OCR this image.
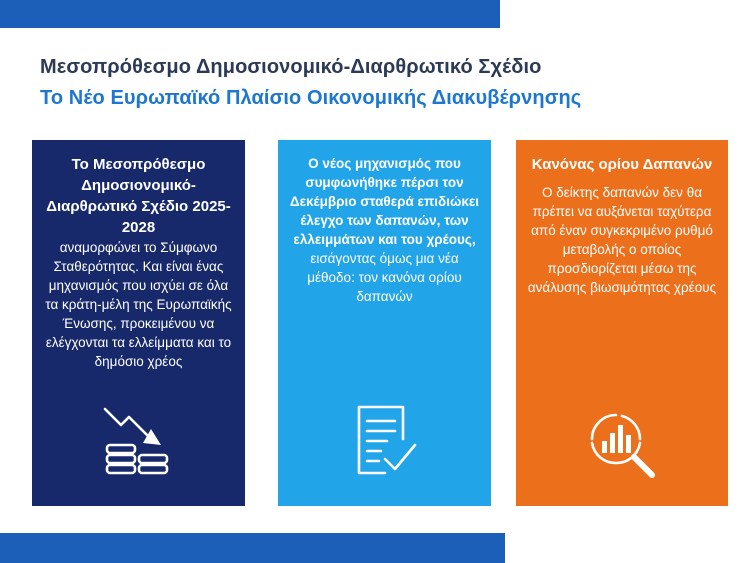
Μεσοπρόθεσμο Δημοσιονομικό-Διαρθρωτικό Σχέδιο
Το Νέο Ευρωπαϊκό Πλαίσιο Οικονομικής Διακυβέρνησης
Το Μεσοπρόθεσμο Δημοσιονομικό-Διαρθρωτικό Σχέδιο 2025-2028
αναμορφώνει το Σύμφωνο Σταθερότητας. Και είναι ένας μηχανισμός που ισχύει σε όλα τα κράτη-μέλη της Ευρωπαϊκής Ένωσης, προκειμένου να ελέγχονται τα ελλείμματα και το δημόσιο χρέος
Ο νέος μηχανισμός που συμφωνήθηκε πέρσι τον Δεκέμβριο σταθερά επιδιώκει έλεγχο των δαπανών, των ελλειμμάτων και του χρέους, εισάγοντας όμως μια νέα μέθοδο: τον κανόνα ορίου δαπανών
Κανόνας ορίου Δαπανών
Ο δείκτης δαπανών δεν θα πρέπει να αυξάνεται ταχύτερα από έναν συγκεκριμένο ρυθμό μεταβολής ο οποίος προσδιορίζεται μέσω της ανάλυσης βιωσιμότητας χρέους
